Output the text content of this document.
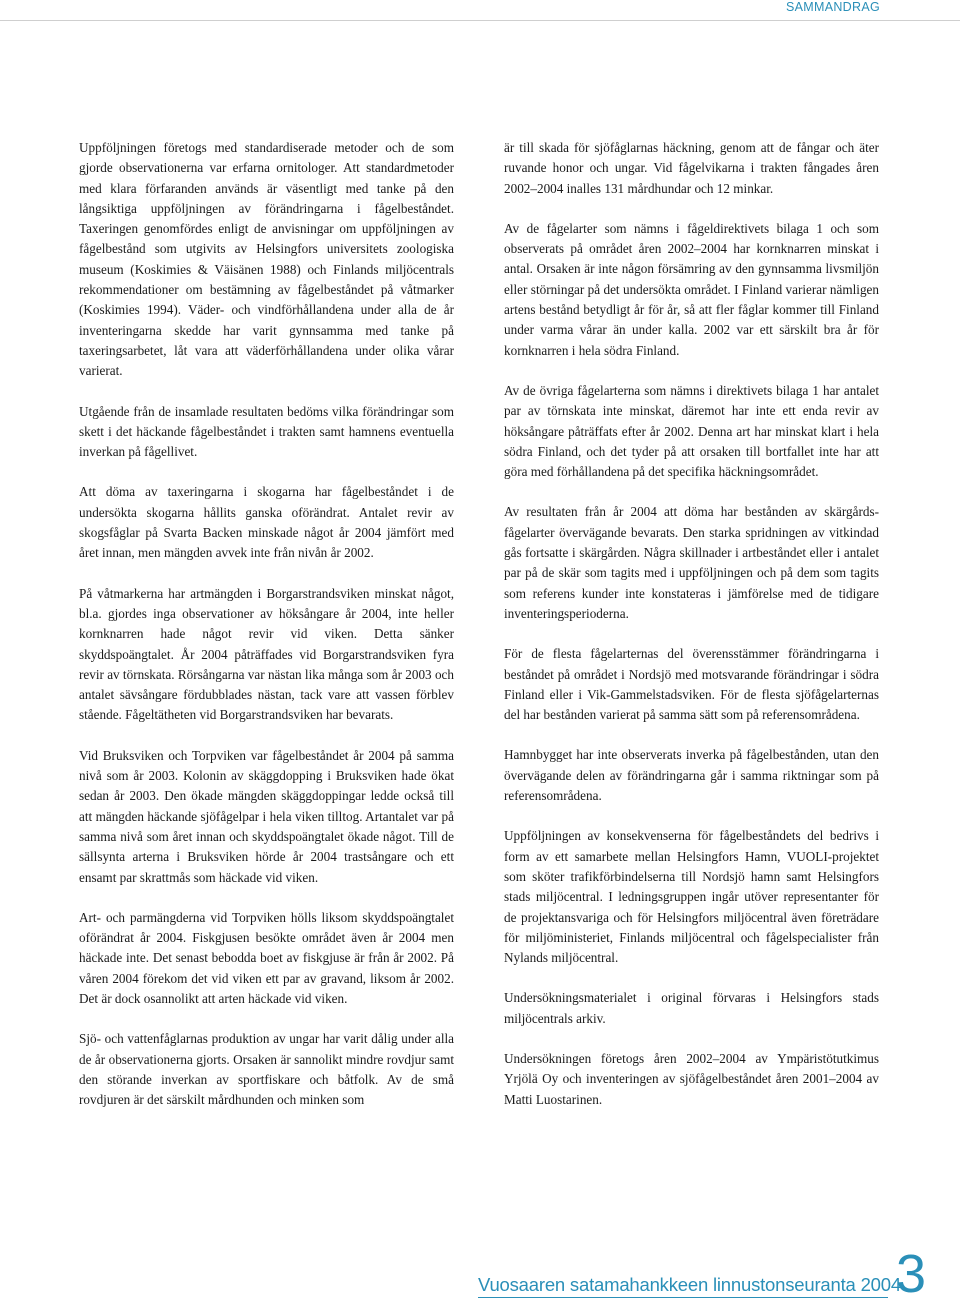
SAMMANDRAG

Uppföljningen företogs med standardiserade metoder och de som gjorde observationerna var erfarna ornitologer. Att standardmetoder med klara förfaranden används är väsentligt med tanke på den långsiktiga uppföljningen av förändringarna i fågelbeståndet. Taxeringen genomfördes enligt de anvisningar om uppföljningen av fågelbestånd som utgivits av Helsingfors universitets zoologiska museum (Koskimies & Väisänen 1988) och Finlands miljöcentrals rekommendationer om bestämning av fågelbeståndet på våtmarker (Koskimies 1994). Väder- och vindförhållandena under alla de år inventeringarna skedde har varit gynnsamma med tanke på taxeringsarbetet, låt vara att väderförhållandena under olika vårar varierat.

Utgående från de insamlade resultaten bedöms vilka förändringar som skett i det häckande fågelbeståndet i trakten samt hamnens eventuella inverkan på fågellivet.

Att döma av taxeringarna i skogarna har fågelbeståndet i de undersökta skogarna hållits ganska oförändrat. Antalet revir av skogsfåglar på Svarta Backen minskade något år 2004 jämfört med året innan, men mängden avvek inte från nivån år 2002.

På våtmarkerna har artmängden i Borgarstrandsviken minskat något, bl.a. gjordes inga observationer av höksångare år 2004, inte heller kornknarren hade något revir vid viken. Detta sänker skyddspoängtalet. År 2004 påträffades vid Borgarstrandsviken fyra revir av törnskata. Rörsångarna var nästan lika många som år 2003 och antalet sävsångare fördubblades nästan, tack vare att vassen förblev stående. Fågeltätheten vid Borgarstrandsviken har bevarats.

Vid Bruksviken och Torpviken var fågelbeståndet år 2004 på samma nivå som år 2003. Kolonin av skäggdopping i Bruksviken hade ökat sedan år 2003. Den ökade mängden skäggdoppingar ledde också till att mängden häckande sjöfågelpar i hela viken tilltog. Artantalet var på samma nivå som året innan och skyddspoängtalet ökade något. Till de sällsynta arterna i Bruksviken hörde år 2004 trastsångare och ett ensamt par skrattmås som häckade vid viken.

Art- och parmängderna vid Torpviken hölls liksom skyddspoängtalet oförändrat år 2004. Fiskgjusen besökte området även år 2004 men häckade inte. Det senast bebodda boet av fiskgjuse är från år 2002. På våren 2004 förekom det vid viken ett par av gravand, liksom år 2002. Det är dock osannolikt att arten häckade vid viken.

Sjö- och vattenfåglarnas produktion av ungar har varit dålig under alla de år observationerna gjorts. Orsaken är sannolikt mindre rovdjur samt den störande inverkan av sportfiskare och båtfolk. Av de små rovdjuren är det särskilt mårdhunden och minken som

är till skada för sjöfåglarnas häckning, genom att de fångar och äter ruvande honor och ungar. Vid fågelvikarna i trakten fångades åren 2002–2004 inalles 131 mårdhundar och 12 minkar.

Av de fågelarter som nämns i fågeldirektivets bilaga 1 och som observerats på området åren 2002–2004 har kornknarren minskat i antal. Orsaken är inte någon försämring av den gynnsamma livsmiljön eller störningar på det undersökta området. I Finland varierar nämligen artens bestånd betydligt år för år, så att fler fåglar kommer till Finland under varma vårar än under kalla. 2002 var ett särskilt bra år för kornknarren i hela södra Finland.

Av de övriga fågelarterna som nämns i direktivets bilaga 1 har antalet par av törnskata inte minskat, däremot har inte ett enda revir av höksångare påträffats efter år 2002. Denna art har minskat klart i hela södra Finland, och det tyder på att orsaken till bortfallet inte har att göra med förhållandena på det specifika häckningsområdet.

Av resultaten från år 2004 att döma har bestånden av skärgårdsfågelarter övervägande bevarats. Den starka spridningen av vitkindad gås fortsatte i skärgården. Några skillnader i artbeståndet eller i antalet par på de skär som tagits med i uppföljningen och på dem som tagits som referens kunder inte konstateras i jämförelse med de tidigare inventeringsperioderna.

För de flesta fågelarternas del överensstämmer förändringarna i beståndet på området i Nordsjö med motsvarande förändringar i södra Finland eller i Vik-Gammelstadsviken. För de flesta sjöfågelarternas del har bestånden varierat på samma sätt som på referensområdena.

Hamnbygget har inte observerats inverka på fågelbestånden, utan den övervägande delen av förändringarna går i samma riktningar som på referensområdena.

Uppföljningen av konsekvenserna för fågelbeståndets del bedrivs i form av ett samarbete mellan Helsingfors Hamn, VUOLI-projektet som sköter trafikförbindelserna till Nordsjö hamn samt Helsingfors stads miljöcentral. I ledningsgruppen ingår utöver representanter för de projektansvariga och för Helsingfors miljöcentral även företrädare för miljöministeriet, Finlands miljöcentral och fågelspecialister från Nylands miljöcentral.

Undersökningsmaterialet i original förvaras i Helsingfors stads miljöcentrals arkiv.

Undersökningen företogs åren 2002–2004 av Ympäristötutkimus Yrjölä Oy och inventeringen av sjöfågelbeståndet åren 2001–2004 av Matti Luostarinen.

Vuosaaren satamahankkeen linnustonseuranta 2004
3
